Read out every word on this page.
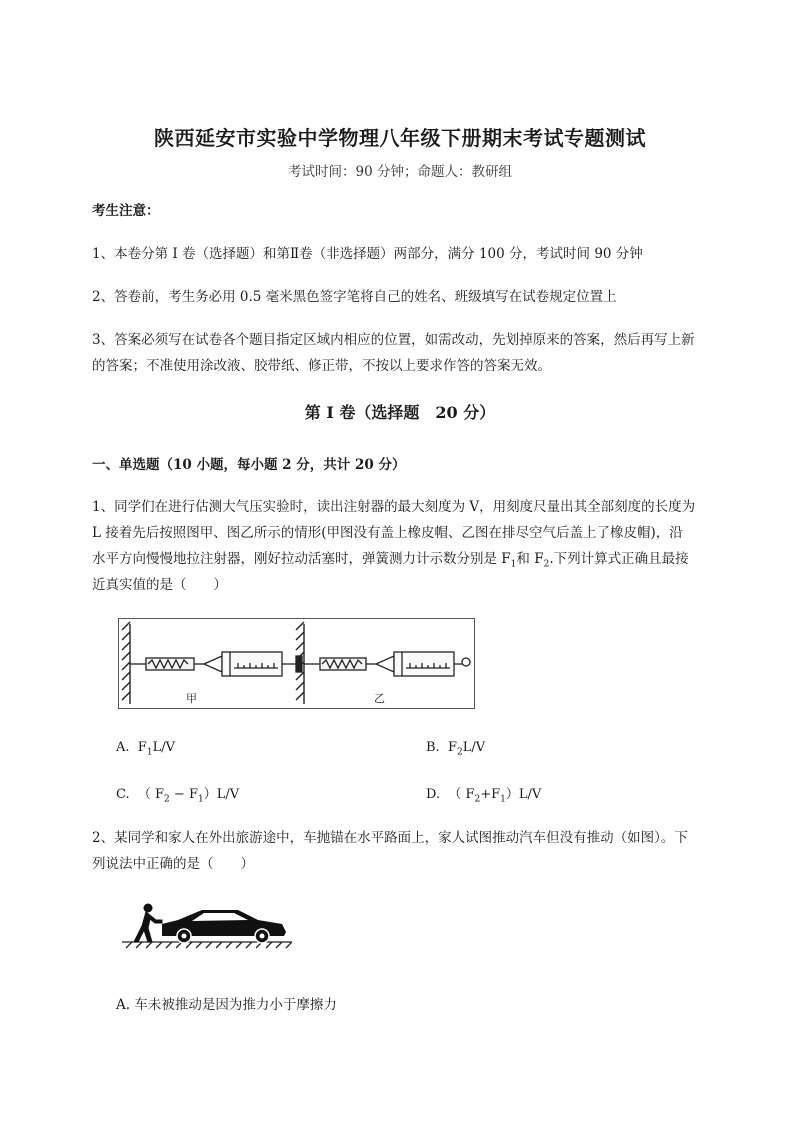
陕西延安市实验中学物理八年级下册期末考试专题测试
考试时间：90 分钟；命题人：教研组
考生注意：
1、本卷分第 I 卷（选择题）和第Ⅱ卷（非选择题）两部分，满分 100 分，考试时间 90 分钟
2、答卷前，考生务必用 0.5 毫米黑色签字笔将自己的姓名、班级填写在试卷规定位置上
3、答案必须写在试卷各个题目指定区域内相应的位置，如需改动，先划掉原来的答案，然后再写上新
的答案；不准使用涂改液、胶带纸、修正带，不按以上要求作答的答案无效。
第 I 卷（选择题　20 分）
一、单选题（10 小题，每小题 2 分，共计 20 分）
1、同学们在进行估测大气压实验时，读出注射器的最大刻度为 V，用刻度尺量出其全部刻度的长度为
L 接着先后按照图甲、图乙所示的情形(甲图没有盖上橡皮帽、乙图在排尽空气后盖上了橡皮帽)，沿
水平方向慢慢地拉注射器，刚好拉动活塞时，弹簧测力计示数分别是 $F_1$和 $F_2$.下列计算式正确且最接
近真实值的是（　　）
甲	乙
A. $F_1L/V$	B. $F_2L/V$
C. （ $F_2 - F_1)L/V$	D. （ $F_2+F_1)L/V$
2、某同学和家人在外出旅游途中，车抛锚在水平路面上，家人试图推动汽车但没有推动（如图）。下
列说法中正确的是（　　）
A. 车未被推动是因为推力小于摩擦力
